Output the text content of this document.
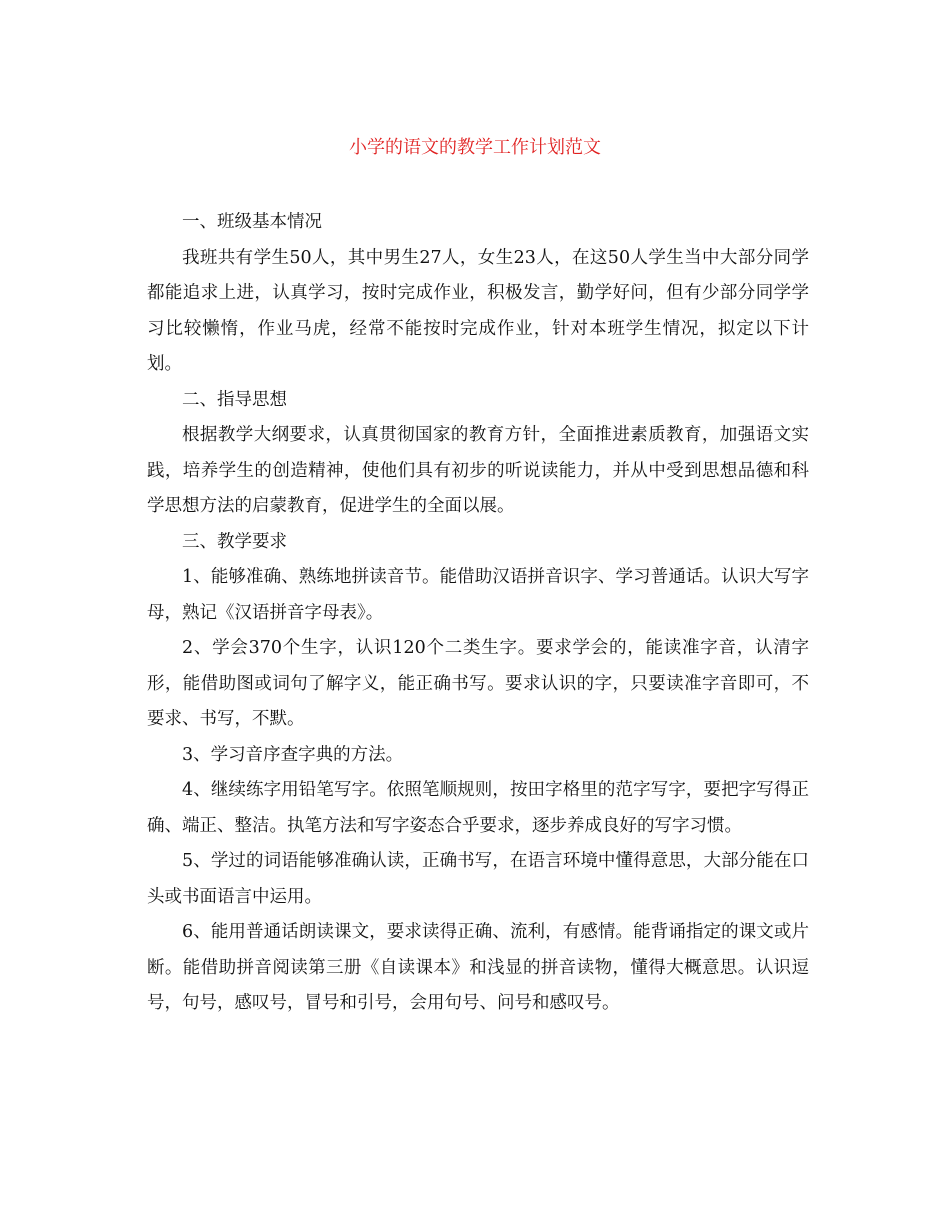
小学的语文的教学工作计划范文

一、班级基本情况

我班共有学生50人，其中男生27人，女生23人，在这50人学生当中大部分同学都能追求上进，认真学习，按时完成作业，积极发言，勤学好问，但有少部分同学学习比较懒惰，作业马虎，经常不能按时完成作业，针对本班学生情况，拟定以下计划。

二、指导思想

根据教学大纲要求，认真贯彻国家的教育方针，全面推进素质教育，加强语文实践，培养学生的创造精神，使他们具有初步的听说读能力，并从中受到思想品德和科学思想方法的启蒙教育，促进学生的全面以展。

三、教学要求

1、能够准确、熟练地拼读音节。能借助汉语拼音识字、学习普通话。认识大写字母，熟记《汉语拼音字母表》。

2、学会370个生字，认识120个二类生字。要求学会的，能读准字音，认清字形，能借助图或词句了解字义，能正确书写。要求认识的字，只要读准字音即可，不要求、书写，不默。

3、学习音序查字典的方法。

4、继续练字用铅笔写字。依照笔顺规则，按田字格里的范字写字，要把字写得正确、端正、整洁。执笔方法和写字姿态合乎要求，逐步养成良好的写字习惯。

5、学过的词语能够准确认读，正确书写，在语言环境中懂得意思，大部分能在口头或书面语言中运用。

6、能用普通话朗读课文，要求读得正确、流利，有感情。能背诵指定的课文或片断。能借助拼音阅读第三册《自读课本》和浅显的拼音读物，懂得大概意思。认识逗号，句号，感叹号，冒号和引号，会用句号、问号和感叹号。
